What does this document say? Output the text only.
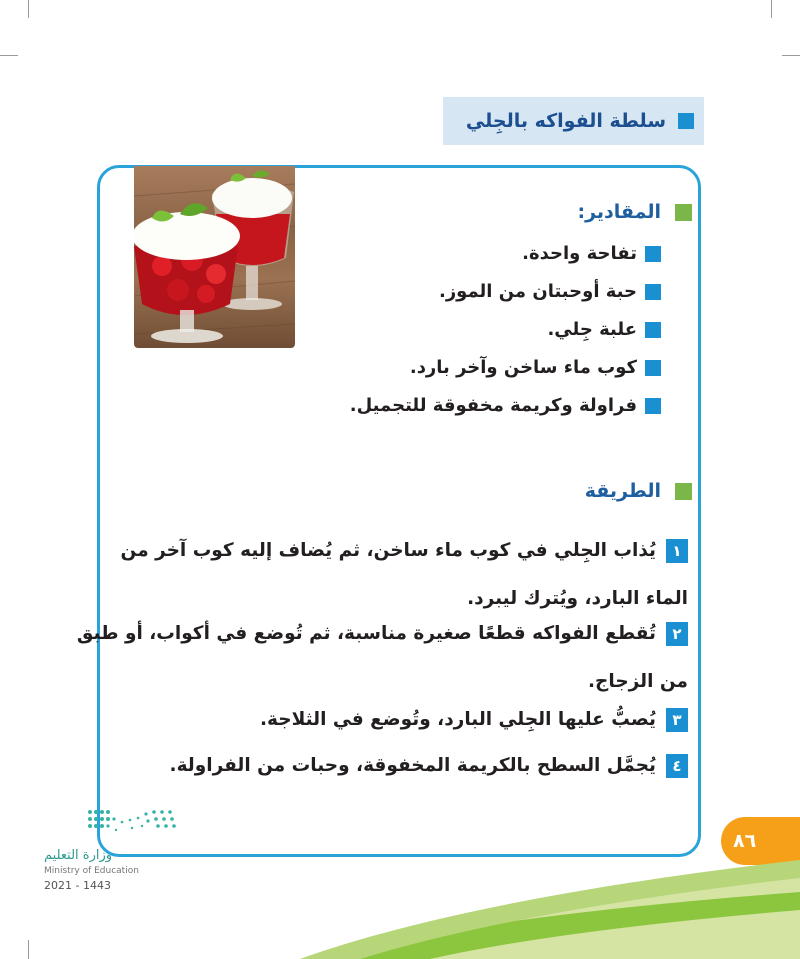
سلطة الفواكه بالجِلي
المقادير:
تفاحة واحدة.
حبة أوحبتان من الموز.
علبة جِلي.
كوب ماء ساخن وآخر بارد.
فراولة وكريمة مخفوقة للتجميل.
الطريقة
١يُذاب الجِلي في كوب ماء ساخن، ثم يُضاف إليه كوب آخر من
الماء البارد، ويُترك ليبرد.
٢تُقطع الفواكه قطعًا صغيرة مناسبة، ثم تُوضع في أكواب، أو طبق
من الزجاج.
٣يُصبُّ عليها الجِلي البارد، وتُوضع في الثلاجة.
٤يُجمَّل السطح بالكريمة المخفوقة، وحبات من الفراولة.
٨٦
وزارة التعليم
Ministry of Education
2021 - 1443
